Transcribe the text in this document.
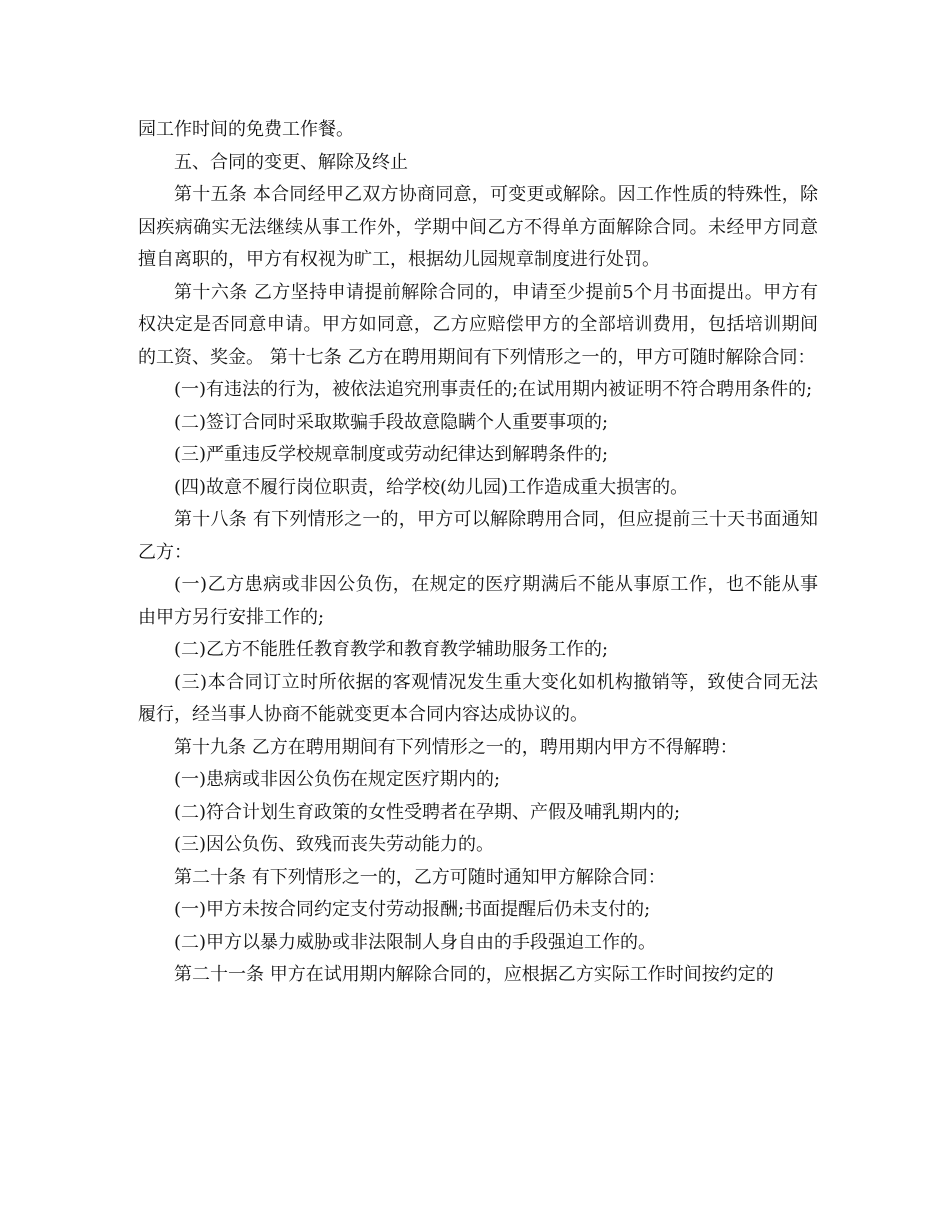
园工作时间的免费工作餐。

五、合同的变更、解除及终止

第十五条 本合同经甲乙双方协商同意，可变更或解除。因工作性质的特殊性，除因疾病确实无法继续从事工作外，学期中间乙方不得单方面解除合同。未经甲方同意擅自离职的，甲方有权视为旷工，根据幼儿园规章制度进行处罚。

第十六条 乙方坚持申请提前解除合同的，申请至少提前5个月书面提出。甲方有权决定是否同意申请。甲方如同意，乙方应赔偿甲方的全部培训费用，包括培训期间的工资、奖金。 第十七条 乙方在聘用期间有下列情形之一的，甲方可随时解除合同：

(一)有违法的行为，被依法追究刑事责任的;在试用期内被证明不符合聘用条件的;

(二)签订合同时采取欺骗手段故意隐瞒个人重要事项的;

(三)严重违反学校规章制度或劳动纪律达到解聘条件的;

(四)故意不履行岗位职责，给学校(幼儿园)工作造成重大损害的。

第十八条 有下列情形之一的，甲方可以解除聘用合同，但应提前三十天书面通知乙方：

(一)乙方患病或非因公负伤，在规定的医疗期满后不能从事原工作，也不能从事由甲方另行安排工作的;

(二)乙方不能胜任教育教学和教育教学辅助服务工作的;

(三)本合同订立时所依据的客观情况发生重大变化如机构撤销等，致使合同无法履行，经当事人协商不能就变更本合同内容达成协议的。

第十九条 乙方在聘用期间有下列情形之一的，聘用期内甲方不得解聘：

(一)患病或非因公负伤在规定医疗期内的;

(二)符合计划生育政策的女性受聘者在孕期、产假及哺乳期内的;

(三)因公负伤、致残而丧失劳动能力的。

第二十条 有下列情形之一的，乙方可随时通知甲方解除合同：

(一)甲方未按合同约定支付劳动报酬;书面提醒后仍未支付的;

(二)甲方以暴力威胁或非法限制人身自由的手段强迫工作的。

第二十一条 甲方在试用期内解除合同的，应根据乙方实际工作时间按约定的
